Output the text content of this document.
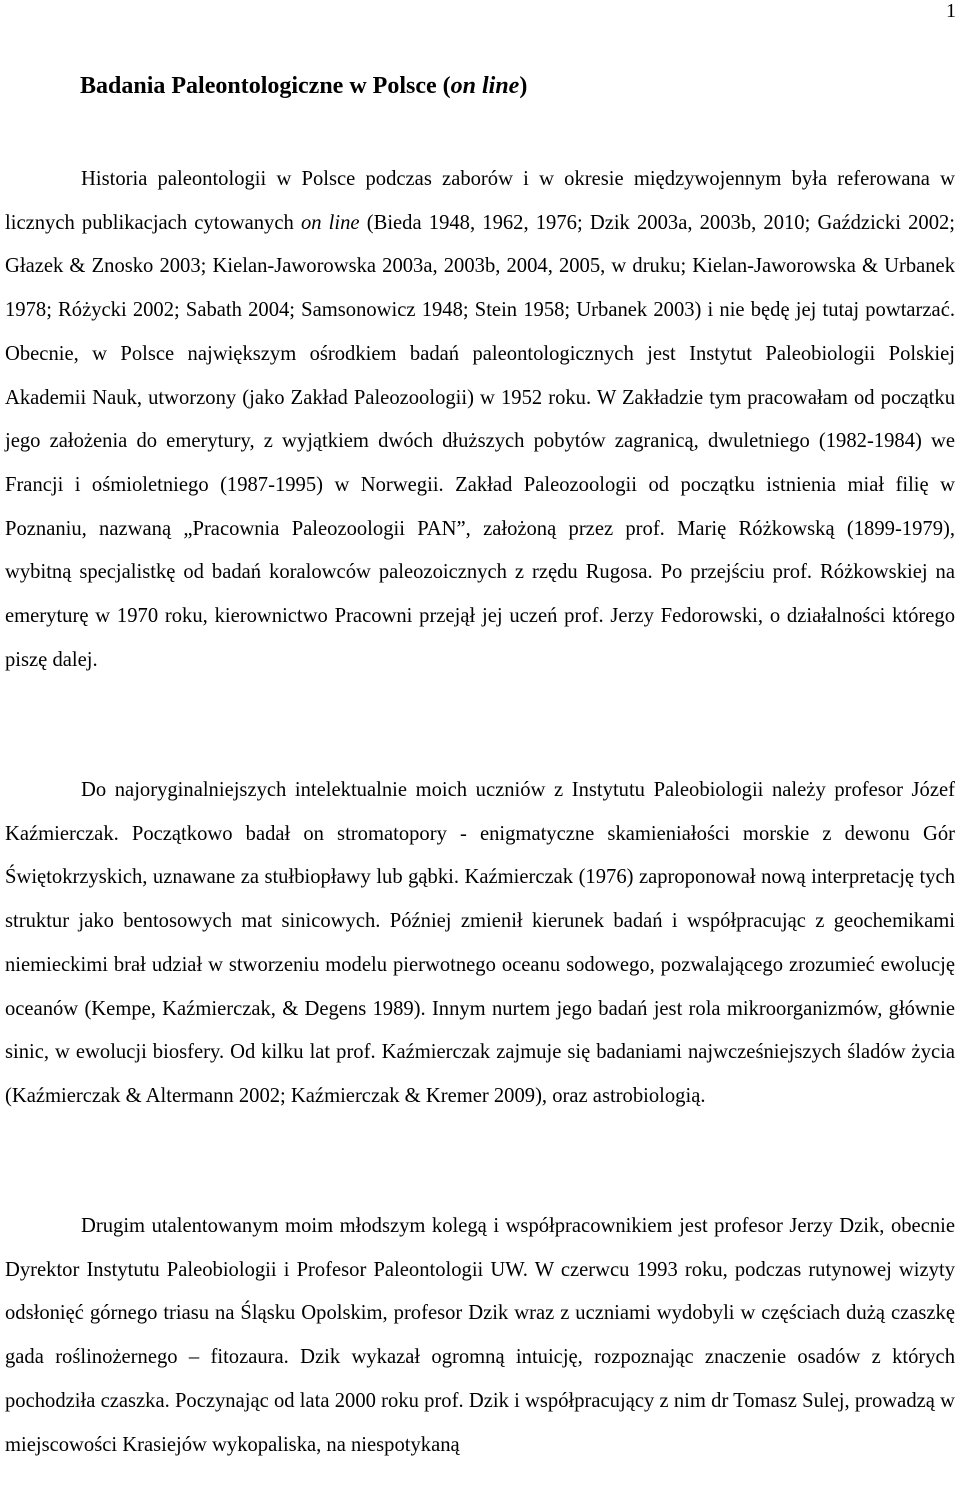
1
Badania Paleontologiczne w Polsce (on line)

Historia paleontologii w Polsce podczas zaborów i w okresie międzywojennym była referowana w licznych publikacjach cytowanych on line (Bieda 1948, 1962, 1976; Dzik 2003a, 2003b, 2010; Gaździcki 2002; Głazek & Znosko 2003; Kielan-Jaworowska 2003a, 2003b, 2004, 2005, w druku; Kielan-Jaworowska & Urbanek 1978; Różycki 2002; Sabath 2004; Samsonowicz 1948; Stein 1958; Urbanek 2003) i nie będę jej tutaj powtarzać. Obecnie, w Polsce największym ośrodkiem badań paleontologicznych jest Instytut Paleobiologii Polskiej Akademii Nauk, utworzony (jako Zakład Paleozoologii) w 1952 roku. W Zakładzie tym pracowałam od początku jego założenia do emerytury, z wyjątkiem dwóch dłuższych pobytów zagranicą, dwuletniego (1982-1984) we Francji i ośmioletniego (1987-1995) w Norwegii. Zakład Paleozoologii od początku istnienia miał filię w Poznaniu, nazwaną „Pracownia Paleozoologii PAN”, założoną przez prof. Marię Różkowską (1899-1979), wybitną specjalistkę od badań koralowców paleozoicznych z rzędu Rugosa. Po przejściu prof. Różkowskiej na emeryturę w 1970 roku, kierownictwo Pracowni przejął jej uczeń prof. Jerzy Fedorowski, o działalności którego piszę dalej.

Do najoryginalniejszych intelektualnie moich uczniów z Instytutu Paleobiologii należy profesor Józef Kaźmierczak. Początkowo badał on stromatopory - enigmatyczne skamieniałości morskie z dewonu Gór Świętokrzyskich, uznawane za stułbiopławy lub gąbki. Kaźmierczak (1976) zaproponował nową interpretację tych struktur jako bentosowych mat sinicowych. Później zmienił kierunek badań i współpracując z geochemikami niemieckimi brał udział w stworzeniu modelu pierwotnego oceanu sodowego, pozwalającego zrozumieć ewolucję oceanów (Kempe, Kaźmierczak, & Degens 1989). Innym nurtem jego badań jest rola mikroorganizmów, głównie sinic, w ewolucji biosfery. Od kilku lat prof. Kaźmierczak zajmuje się badaniami najwcześniejszych śladów życia (Kaźmierczak & Altermann 2002; Kaźmierczak & Kremer 2009), oraz astrobiologią.

Drugim utalentowanym moim młodszym kolegą i współpracownikiem jest profesor Jerzy Dzik, obecnie Dyrektor Instytutu Paleobiologii i Profesor Paleontologii UW. W czerwcu 1993 roku, podczas rutynowej wizyty odsłonięć górnego triasu na Śląsku Opolskim, profesor Dzik wraz z uczniami wydobyli w częściach dużą czaszkę gada roślinożernego – fitozaura. Dzik wykazał ogromną intuicję, rozpoznając znaczenie osadów z których pochodziła czaszka. Poczynając od lata 2000 roku prof. Dzik i współpracujący z nim dr Tomasz Sulej, prowadzą w miejscowości Krasiejów wykopaliska, na niespotykaną
